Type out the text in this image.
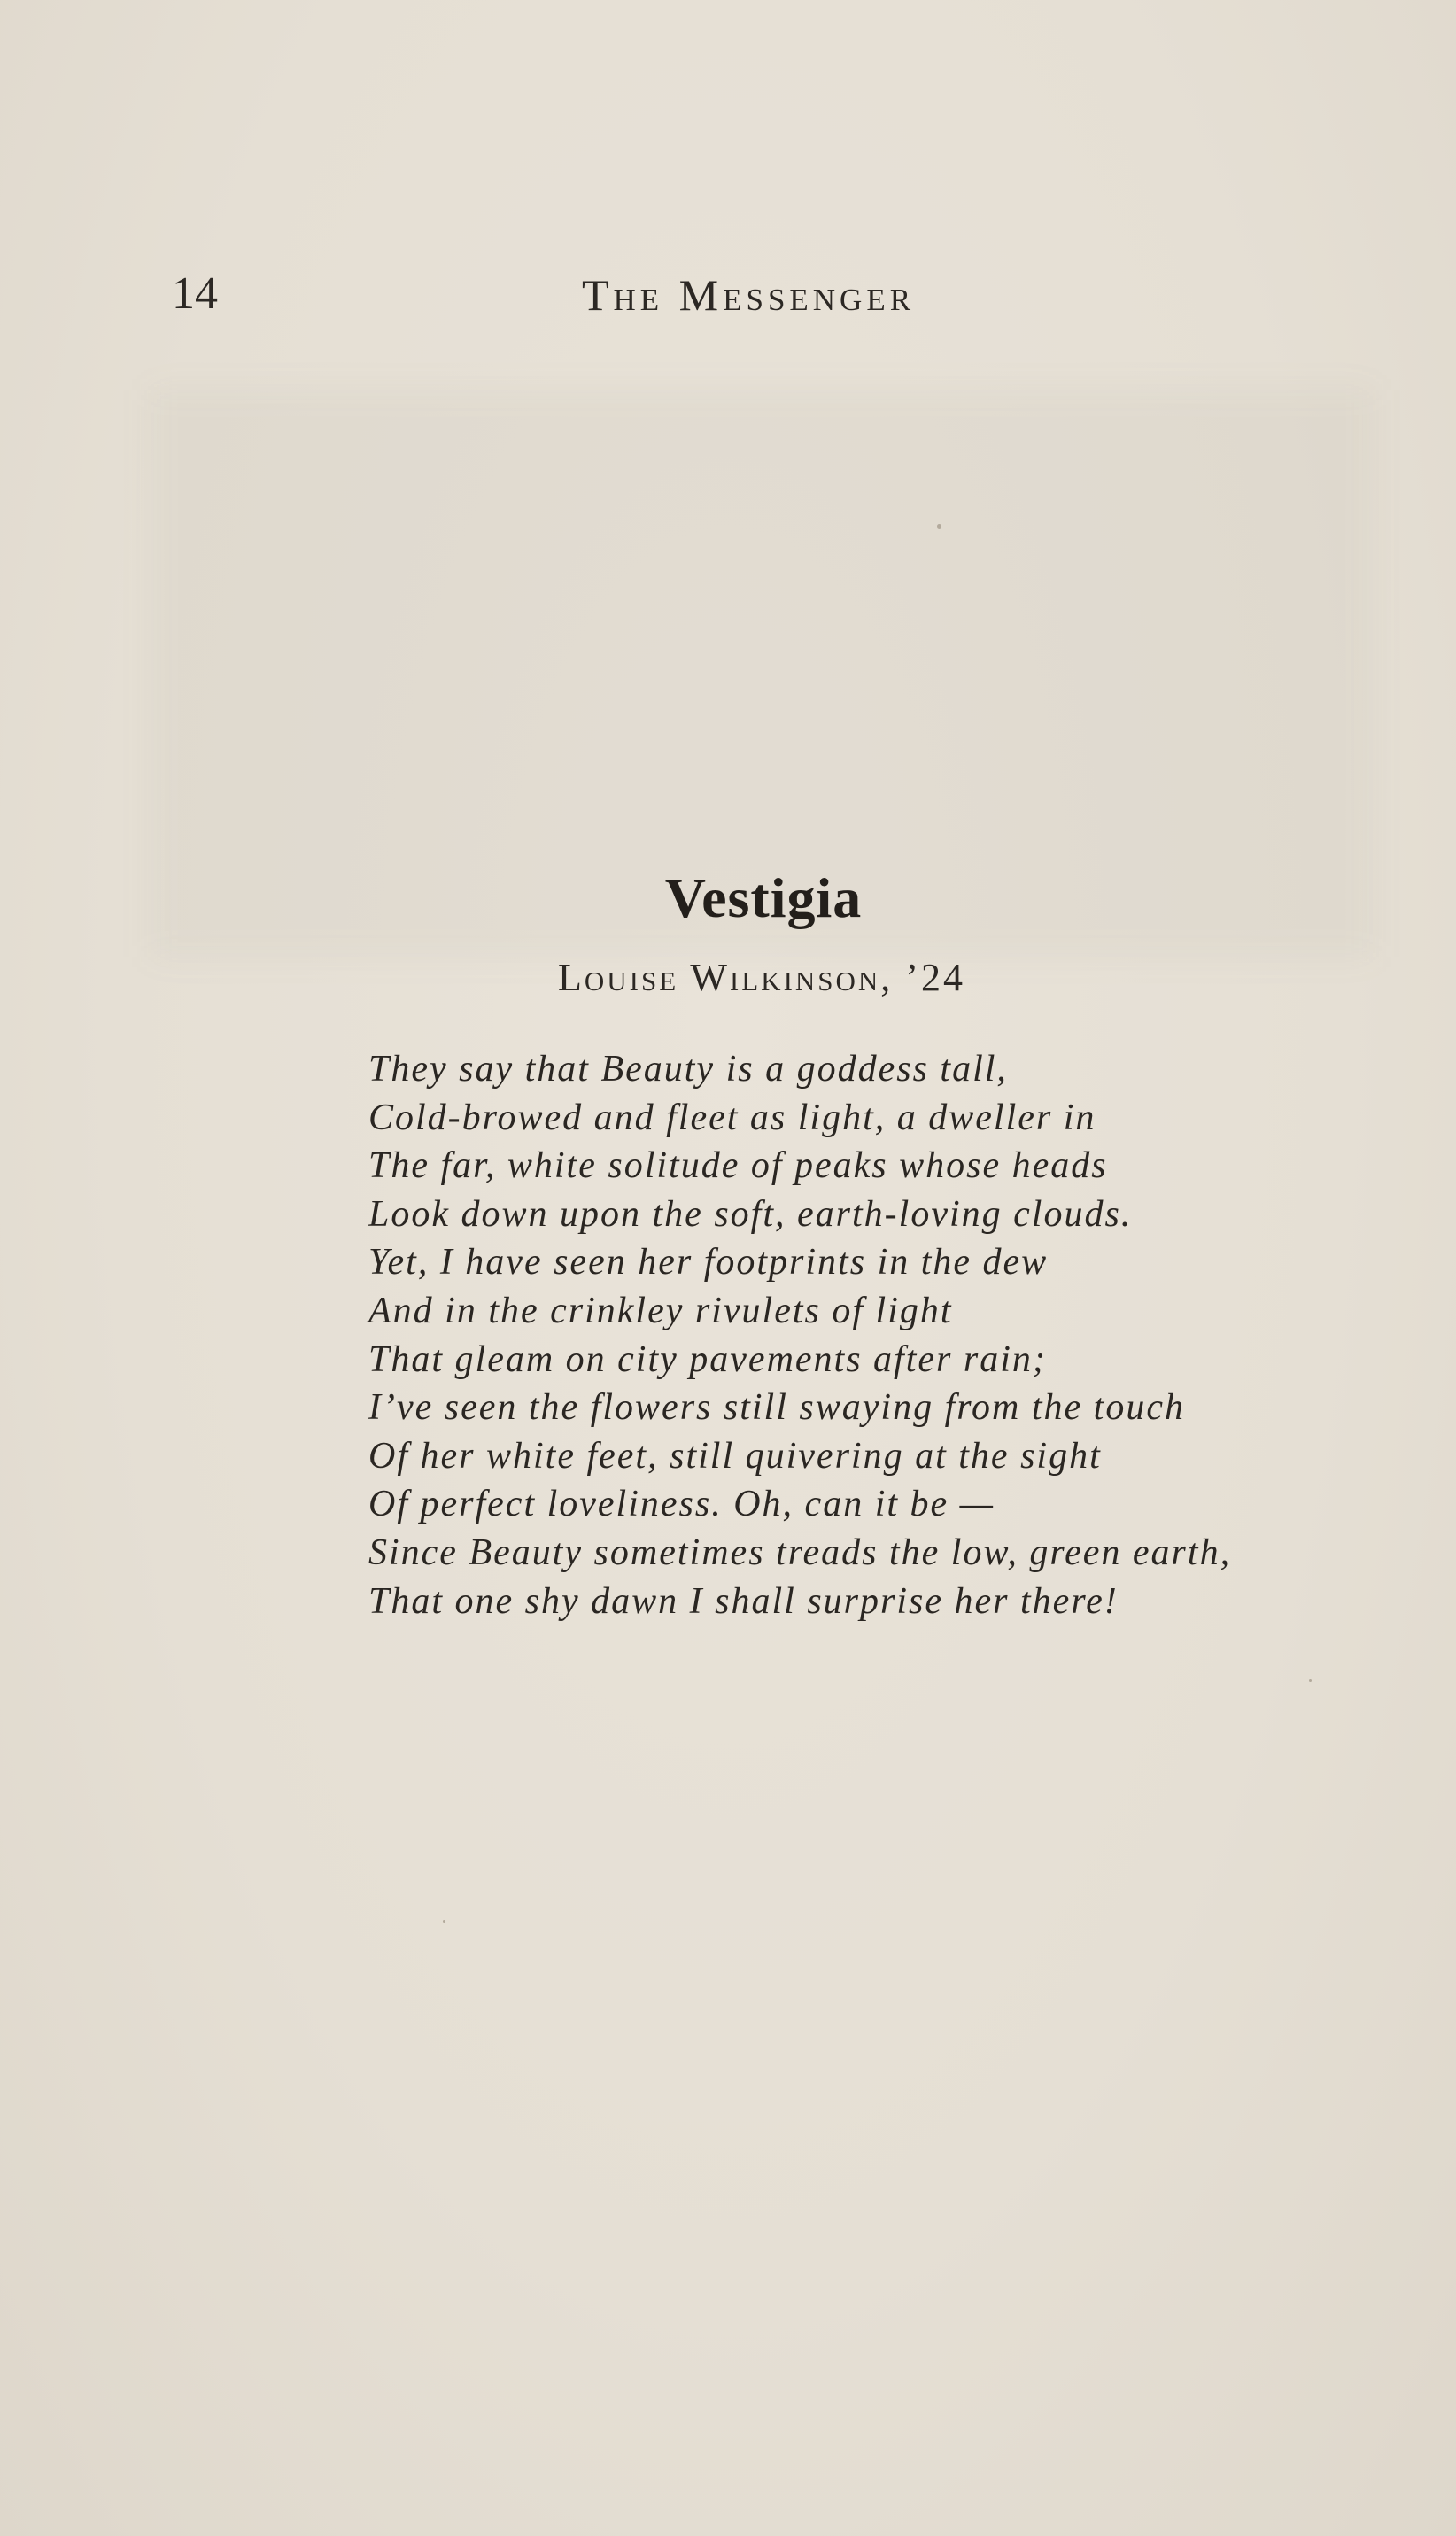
14	The Messenger
Vestigia
Louise Wilkinson, ’24
They say that Beauty is a goddess tall,
Cold-browed and fleet as light, a dweller in
The far, white solitude of peaks whose heads
Look down upon the soft, earth-loving clouds.
Yet, I have seen her footprints in the dew
And in the crinkley rivulets of light
That gleam on city pavements after rain;
I’ve seen the flowers still swaying from the touch
Of her white feet, still quivering at the sight
Of perfect loveliness. Oh, can it be —
Since Beauty sometimes treads the low, green earth,
That one shy dawn I shall surprise her there!
